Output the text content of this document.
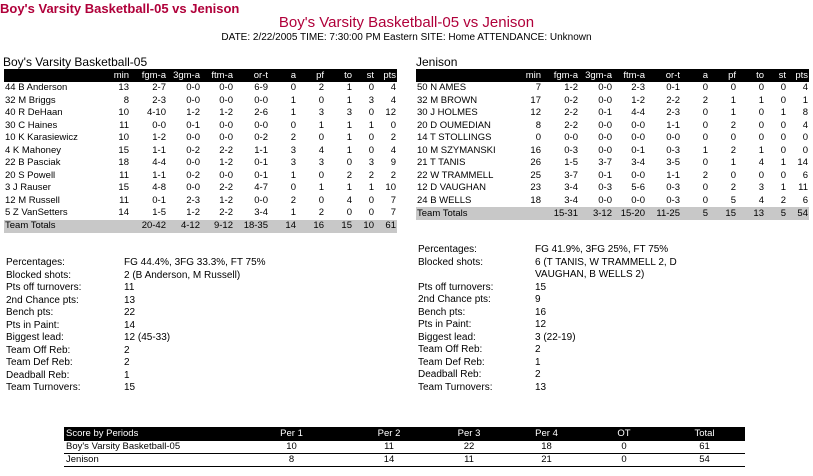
Boy's Varsity Basketball-05 vs Jenison
Boy's Varsity Basketball-05 vs Jenison
DATE: 2/22/2005 TIME: 7:30:00 PM Eastern SITE: Home ATTENDANCE: Unknown
Boy's Varsity Basketball-05	Jenison
	min	fgm-a	3gm-a	ftm-a	or-t	a	pf	to	st	pts
44 B Anderson	13	2-7	0-0	0-0	6-9	0	2	1	0	4
32 M Briggs	8	2-3	0-0	0-0	0-0	1	0	1	3	4
40 R DeHaan	10	4-10	1-2	1-2	2-6	1	3	3	0	12
30 C Haines	11	0-0	0-1	0-0	0-0	0	1	1	1	0
10 K Karasiewicz	10	1-2	0-0	0-0	0-2	2	0	1	0	2
4 K Mahoney	15	1-1	0-2	2-2	1-1	3	4	1	0	4
22 B Pasciak	18	4-4	0-0	1-2	0-1	3	3	0	3	9
20 S Powell	11	1-1	0-2	0-0	0-1	1	0	2	2	2
3 J Rauser	15	4-8	0-0	2-2	4-7	0	1	1	1	10
12 M Russell	11	0-1	2-3	1-2	0-0	2	0	4	0	7
5 Z VanSetters	14	1-5	1-2	2-2	3-4	1	2	0	0	7
Team Totals		20-42	4-12	9-12	18-35	14	16	15	10	61
	min	fgm-a	3gm-a	ftm-a	or-t	a	pf	to	st	pts
50 N AMES	7	1-2	0-0	2-3	0-1	0	0	0	0	4
32 M BROWN	17	0-2	0-0	1-2	2-2	2	1	1	0	1
30 J HOLMES	12	2-2	0-1	4-4	2-3	0	1	0	1	8
20 D OUMEDIAN	8	2-2	0-0	0-0	1-1	0	2	0	0	4
14 T STOLLINGS	0	0-0	0-0	0-0	0-0	0	0	0	0	0
10 M SZYMANSKI	16	0-3	0-0	0-1	0-3	1	2	1	0	0
21 T TANIS	26	1-5	3-7	3-4	3-5	0	1	4	1	14
22 W TRAMMELL	25	3-7	0-1	0-0	1-1	2	0	0	0	6
12 D VAUGHAN	23	3-4	0-3	5-6	0-3	0	2	3	1	11
24 B WELLS	18	3-4	0-0	0-0	0-3	0	5	4	2	6
Team Totals		15-31	3-12	15-20	11-25	5	15	13	5	54
Percentages:	FG 44.4%, 3FG 33.3%, FT 75%
Blocked shots:	2 (B Anderson, M Russell)
Pts off turnovers:	11
2nd Chance pts:	13
Bench pts:	22
Pts in Paint:	14
Biggest lead:	12 (45-33)
Team Off Reb:	2
Team Def Reb:	2
Deadball Reb:	1
Team Turnovers:	15
Percentages:	FG 41.9%, 3FG 25%, FT 75%
Blocked shots:	6 (T TANIS, W TRAMMELL 2, D
VAUGHAN, B WELLS 2)
Pts off turnovers:	15
2nd Chance pts:	9
Bench pts:	16
Pts in Paint:	12
Biggest lead:	3 (22-19)
Team Off Reb:	2
Team Def Reb:	1
Deadball Reb:	2
Team Turnovers:	13
Score by Periods	Per 1	Per 2	Per 3	Per 4	OT	Total
Boy's Varsity Basketball-05	10	11	22	18	0	61
Jenison	8	14	11	21	0	54
